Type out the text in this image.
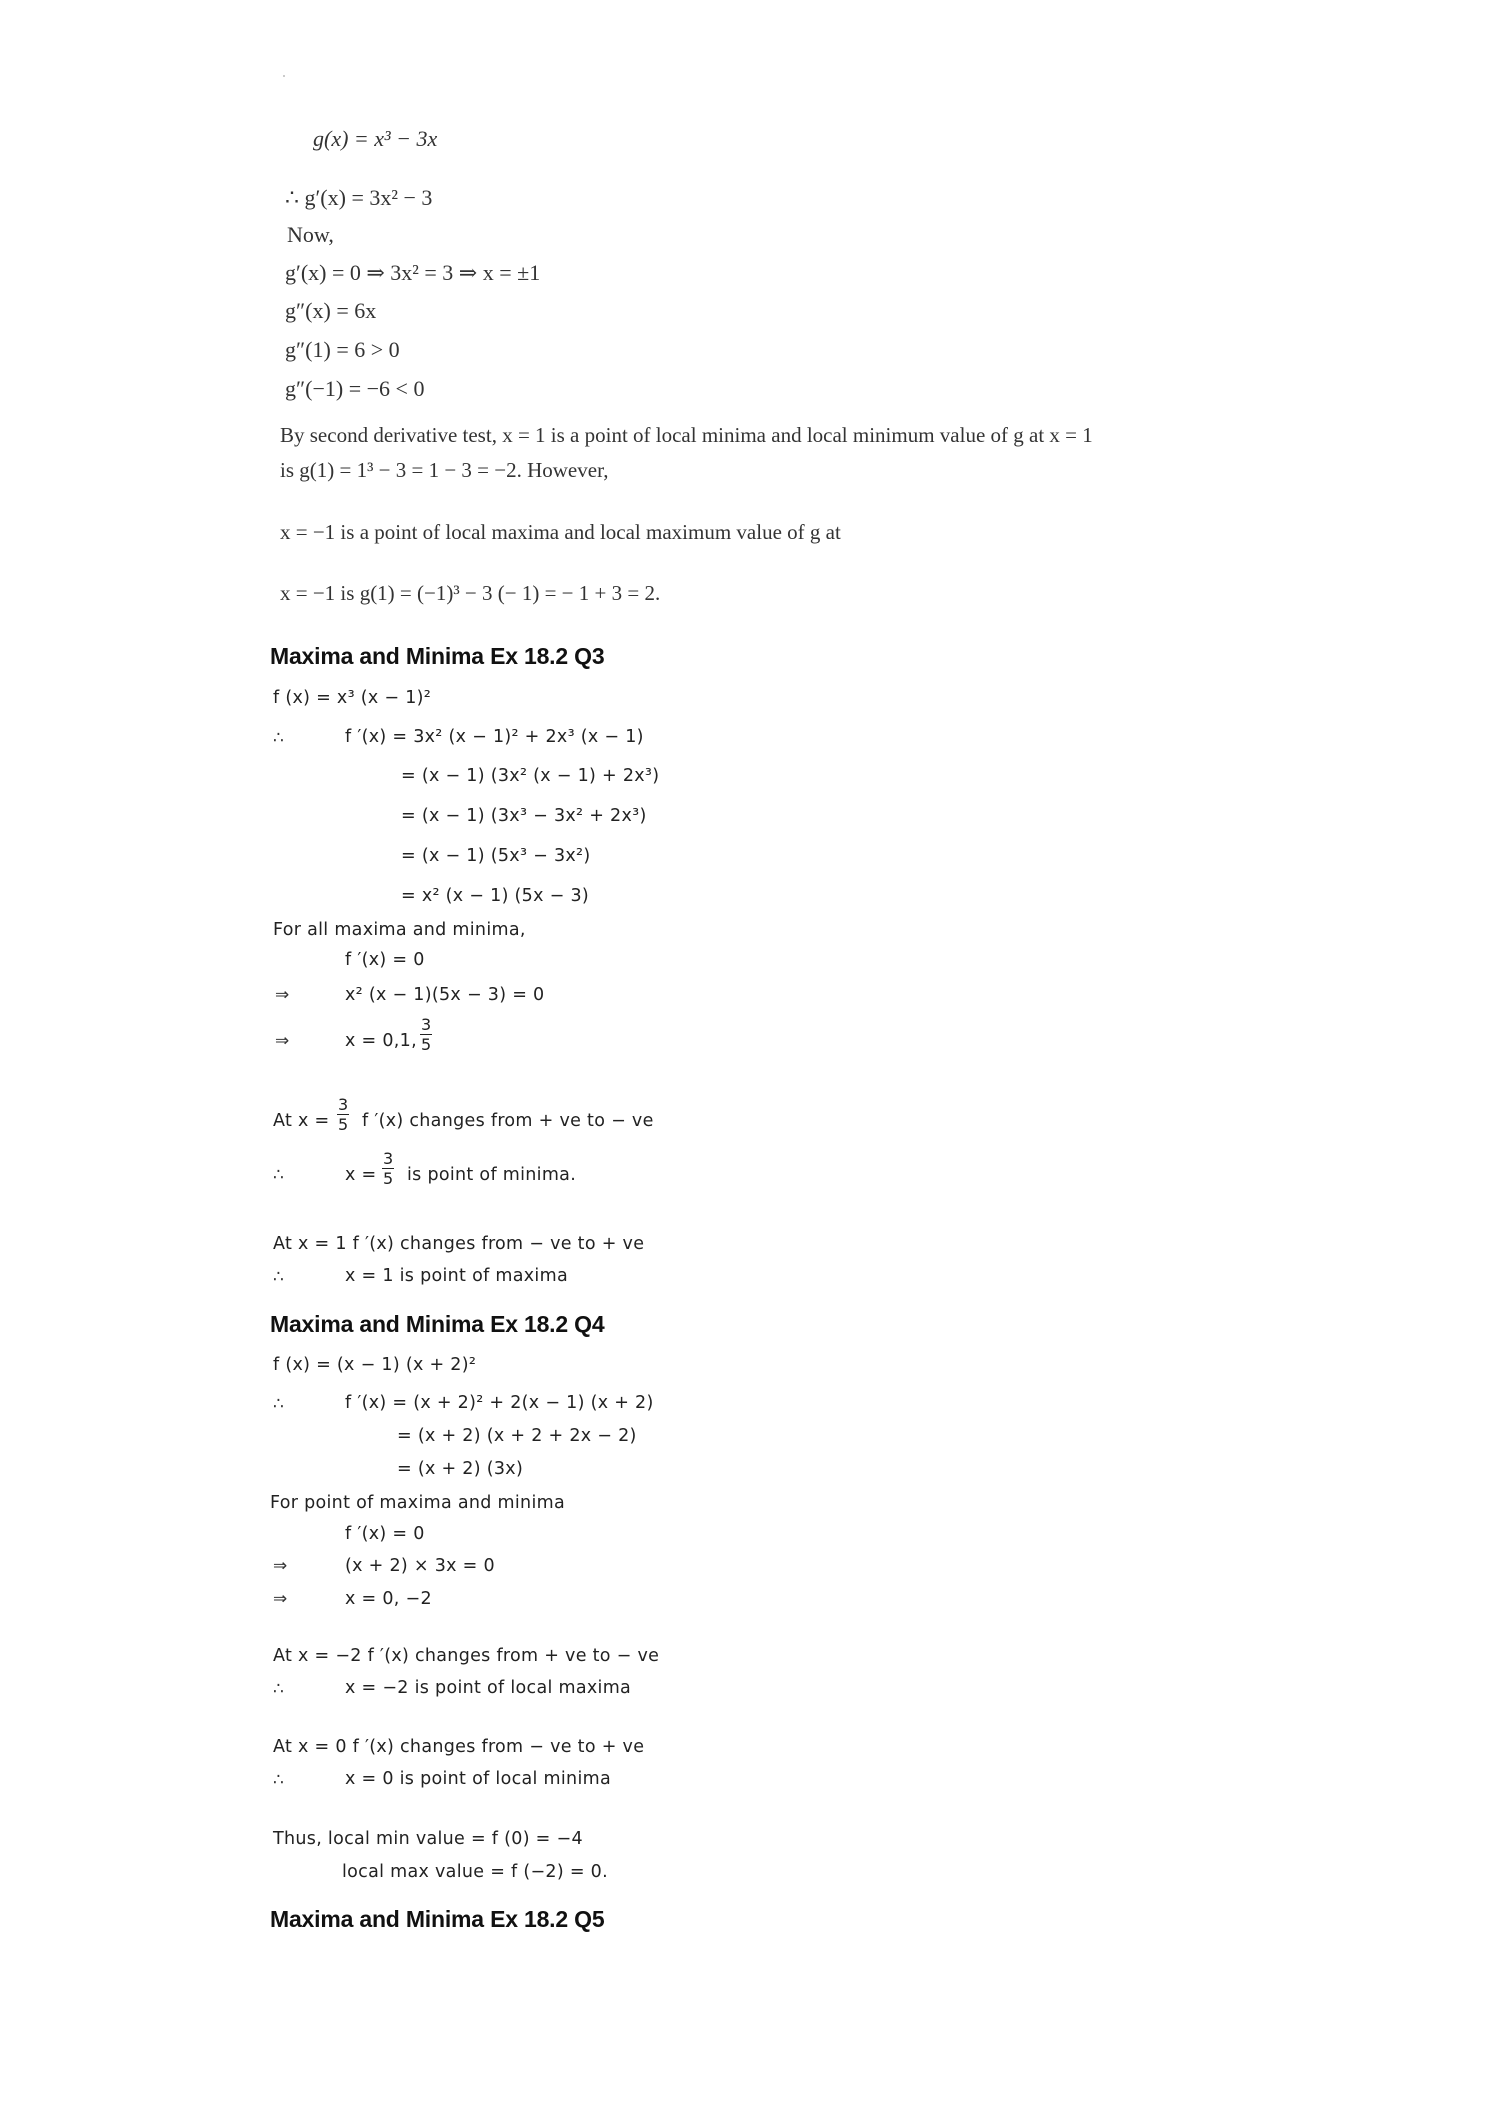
g(x) = x³ − 3x
∴ g′(x) = 3x² − 3
Now,
g′(x) = 0 ⇒ 3x² = 3 ⇒ x = ±1
g″(x) = 6x
g″(1) = 6 > 0
g″(−1) = −6 < 0
By second derivative test, x = 1 is a point of local minima and local minimum value of g at x = 1
is g(1) = 1³ − 3 = 1 − 3 = −2. However,
x = −1 is a point of local maxima and local maximum value of g at
x = −1 is g(1) = (−1)³ − 3 (− 1) = − 1 + 3 = 2.
Maxima and Minima Ex 18.2 Q3
f (x) = x³ (x − 1)²
∴	f ′(x) = 3x² (x − 1)² + 2x³ (x − 1)
= (x − 1) (3x² (x − 1) + 2x³)
= (x − 1) (3x³ − 3x² + 2x³)
= (x − 1) (5x³ − 3x²)
= x² (x − 1) (5x − 3)
For all maxima and minima,
f ′(x) = 0
⇒	x² (x − 1)(5x − 3) = 0
⇒	x = 0,1, $\frac{3}{5}$
At $x = \frac{3}{5}$ f ′(x) changes from + ve to − ve
∴	$x = \frac{3}{5}$ is point of minima.
At x = 1 f ′(x) changes from − ve to + ve
∴	x = 1 is point of maxima
Maxima and Minima Ex 18.2 Q4
f (x) = (x − 1) (x + 2)²
∴	f ′(x) = (x + 2)² + 2(x − 1) (x + 2)
= (x + 2) (x + 2 + 2x − 2)
= (x + 2) (3x)
For point of maxima and minima
f ′(x) = 0
⇒	(x + 2) × 3x = 0
⇒	x = 0, −2
At x = −2 f ′(x) changes from + ve to − ve
∴	x = −2 is point of local maxima
At x = 0 f ′(x) changes from − ve to + ve
∴	x = 0 is point of local minima
Thus, local min value = f (0) = −4
local max value = f (−2) = 0.
Maxima and Minima Ex 18.2 Q5
